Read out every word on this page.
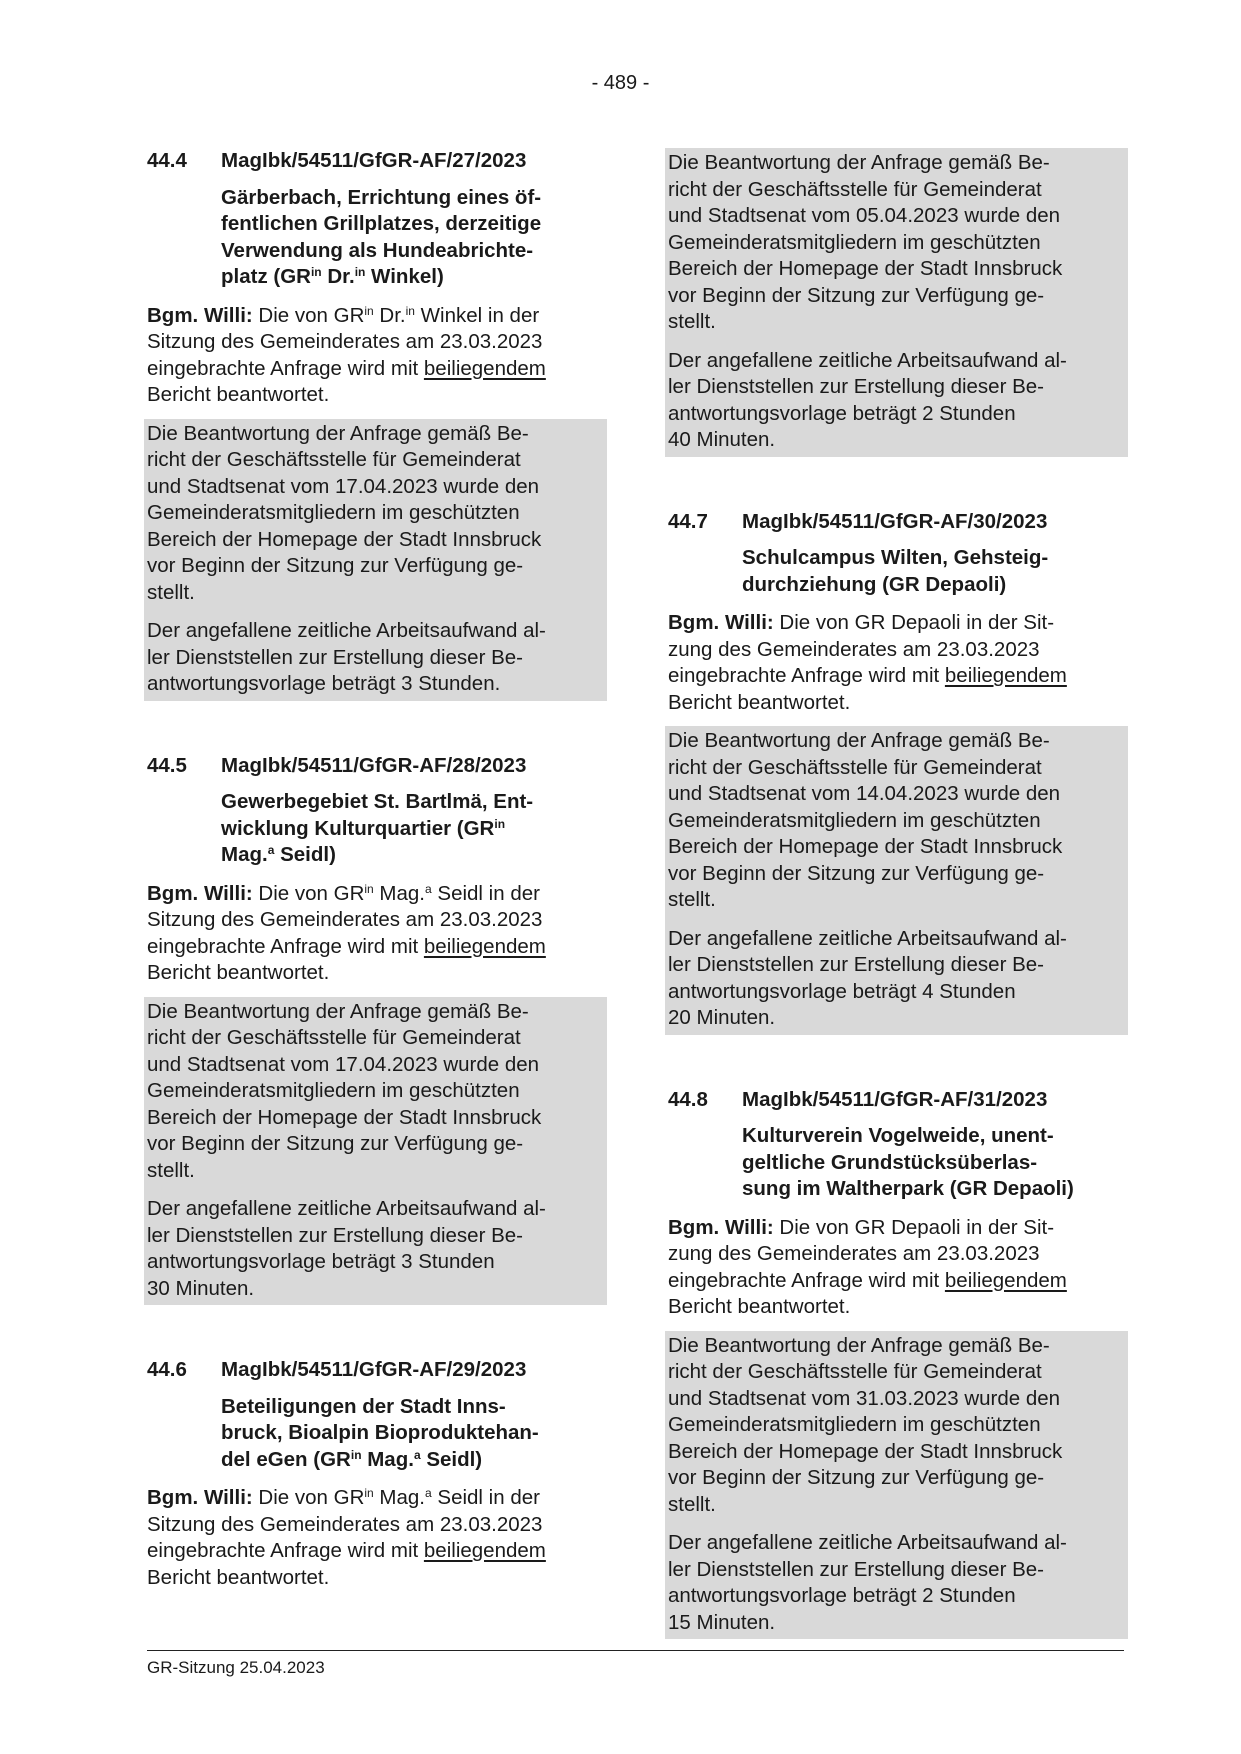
- 489 -
44.4	MagIbk/54511/GfGR-AF/27/2023
Gärberbach, Errichtung eines öf-
fentlichen Grillplatzes, derzeitige
Verwendung als Hundeabrichte-
platz ($GR^{in}$ Dr.$^{in}$ Winkel)
Bgm. Willi: Die von $GR^{in}$ Dr.$^{in}$ Winkel in der
Sitzung des Gemeinderates am 23.03.2023
eingebrachte Anfrage wird mit beiliegendem
Bericht beantwortet.
Die Beantwortung der Anfrage gemäß Be-
richt der Geschäftsstelle für Gemeinderat
und Stadtsenat vom 17.04.2023 wurde den
Gemeinderatsmitgliedern im geschützten
Bereich der Homepage der Stadt Innsbruck
vor Beginn der Sitzung zur Verfügung ge-
stellt.
Der angefallene zeitliche Arbeitsaufwand al-
ler Dienststellen zur Erstellung dieser Be-
antwortungsvorlage beträgt 3 Stunden.
44.5	MagIbk/54511/GfGR-AF/28/2023
Gewerbegebiet St. Bartlmä, Ent-
wicklung Kulturquartier ($GR^{in}$
Mag.$^a$ Seidl)
Bgm. Willi: Die von $GR^{in}$ Mag.$^a$ Seidl in der
Sitzung des Gemeinderates am 23.03.2023
eingebrachte Anfrage wird mit beiliegendem
Bericht beantwortet.
Die Beantwortung der Anfrage gemäß Be-
richt der Geschäftsstelle für Gemeinderat
und Stadtsenat vom 17.04.2023 wurde den
Gemeinderatsmitgliedern im geschützten
Bereich der Homepage der Stadt Innsbruck
vor Beginn der Sitzung zur Verfügung ge-
stellt.
Der angefallene zeitliche Arbeitsaufwand al-
ler Dienststellen zur Erstellung dieser Be-
antwortungsvorlage beträgt 3 Stunden
30 Minuten.
44.6	MagIbk/54511/GfGR-AF/29/2023
Beteiligungen der Stadt Inns-
bruck, Bioalpin Bioproduktehan-
del eGen ($GR^{in}$ Mag.$^a$ Seidl)
Bgm. Willi: Die von $GR^{in}$ Mag.$^a$ Seidl in der
Sitzung des Gemeinderates am 23.03.2023
eingebrachte Anfrage wird mit beiliegendem
Bericht beantwortet.
Die Beantwortung der Anfrage gemäß Be-
richt der Geschäftsstelle für Gemeinderat
und Stadtsenat vom 05.04.2023 wurde den
Gemeinderatsmitgliedern im geschützten
Bereich der Homepage der Stadt Innsbruck
vor Beginn der Sitzung zur Verfügung ge-
stellt.
Der angefallene zeitliche Arbeitsaufwand al-
ler Dienststellen zur Erstellung dieser Be-
antwortungsvorlage beträgt 2 Stunden
40 Minuten.
44.7	MagIbk/54511/GfGR-AF/30/2023
Schulcampus Wilten, Gehsteig-
durchziehung (GR Depaoli)
Bgm. Willi: Die von GR Depaoli in der Sit-
zung des Gemeinderates am 23.03.2023
eingebrachte Anfrage wird mit beiliegendem
Bericht beantwortet.
Die Beantwortung der Anfrage gemäß Be-
richt der Geschäftsstelle für Gemeinderat
und Stadtsenat vom 14.04.2023 wurde den
Gemeinderatsmitgliedern im geschützten
Bereich der Homepage der Stadt Innsbruck
vor Beginn der Sitzung zur Verfügung ge-
stellt.
Der angefallene zeitliche Arbeitsaufwand al-
ler Dienststellen zur Erstellung dieser Be-
antwortungsvorlage beträgt 4 Stunden
20 Minuten.
44.8	MagIbk/54511/GfGR-AF/31/2023
Kulturverein Vogelweide, unent-
geltliche Grundstücksüberlas-
sung im Waltherpark (GR Depaoli)
Bgm. Willi: Die von GR Depaoli in der Sit-
zung des Gemeinderates am 23.03.2023
eingebrachte Anfrage wird mit beiliegendem
Bericht beantwortet.
Die Beantwortung der Anfrage gemäß Be-
richt der Geschäftsstelle für Gemeinderat
und Stadtsenat vom 31.03.2023 wurde den
Gemeinderatsmitgliedern im geschützten
Bereich der Homepage der Stadt Innsbruck
vor Beginn der Sitzung zur Verfügung ge-
stellt.
Der angefallene zeitliche Arbeitsaufwand al-
ler Dienststellen zur Erstellung dieser Be-
antwortungsvorlage beträgt 2 Stunden
15 Minuten.
GR-Sitzung 25.04.2023
